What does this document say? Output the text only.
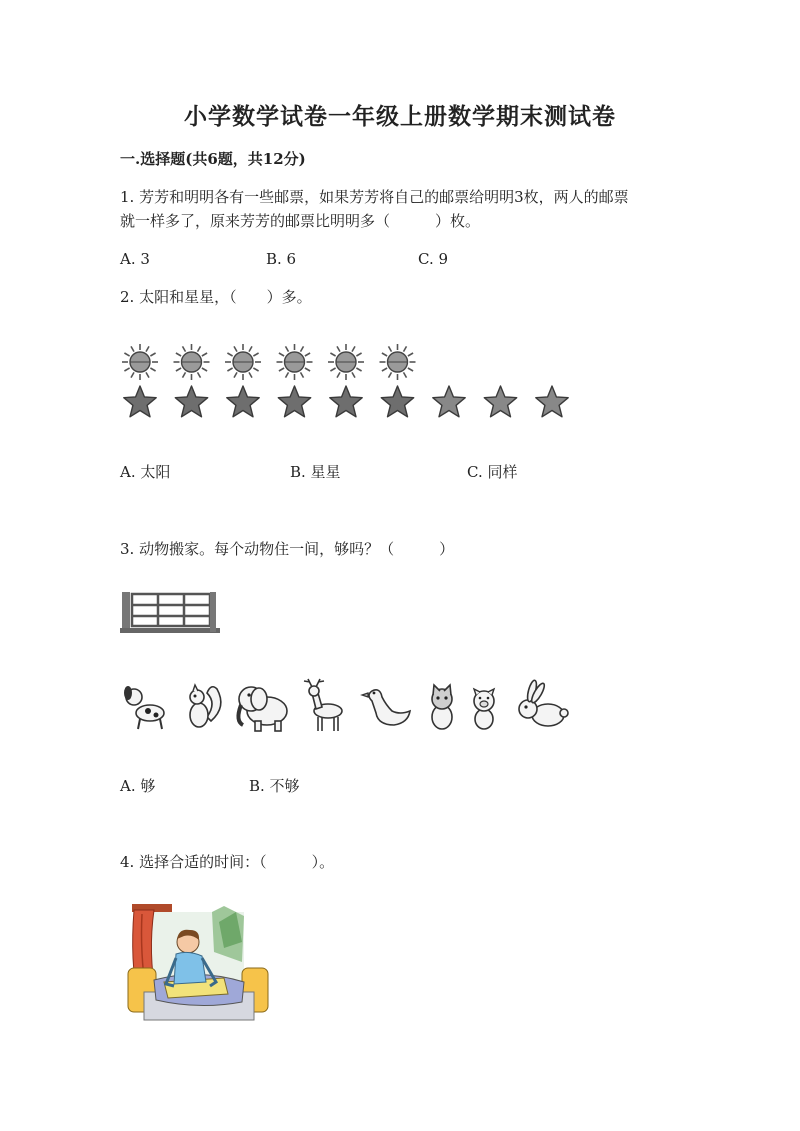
小学数学试卷一年级上册数学期末测试卷
一.选择题(共6题，共12分)
1. 芳芳和明明各有一些邮票，如果芳芳将自己的邮票给明明3枚，两人的邮票
就一样多了，原来芳芳的邮票比明明多（　　　）枚。
A. 3	B. 6	C. 9
2. 太阳和星星，（　　）多。
A. 太阳	B. 星星	C. 同样
3. 动物搬家。每个动物住一间，够吗？（　　　）
A. 够	B. 不够
4. 选择合适的时间：（　　　）。
